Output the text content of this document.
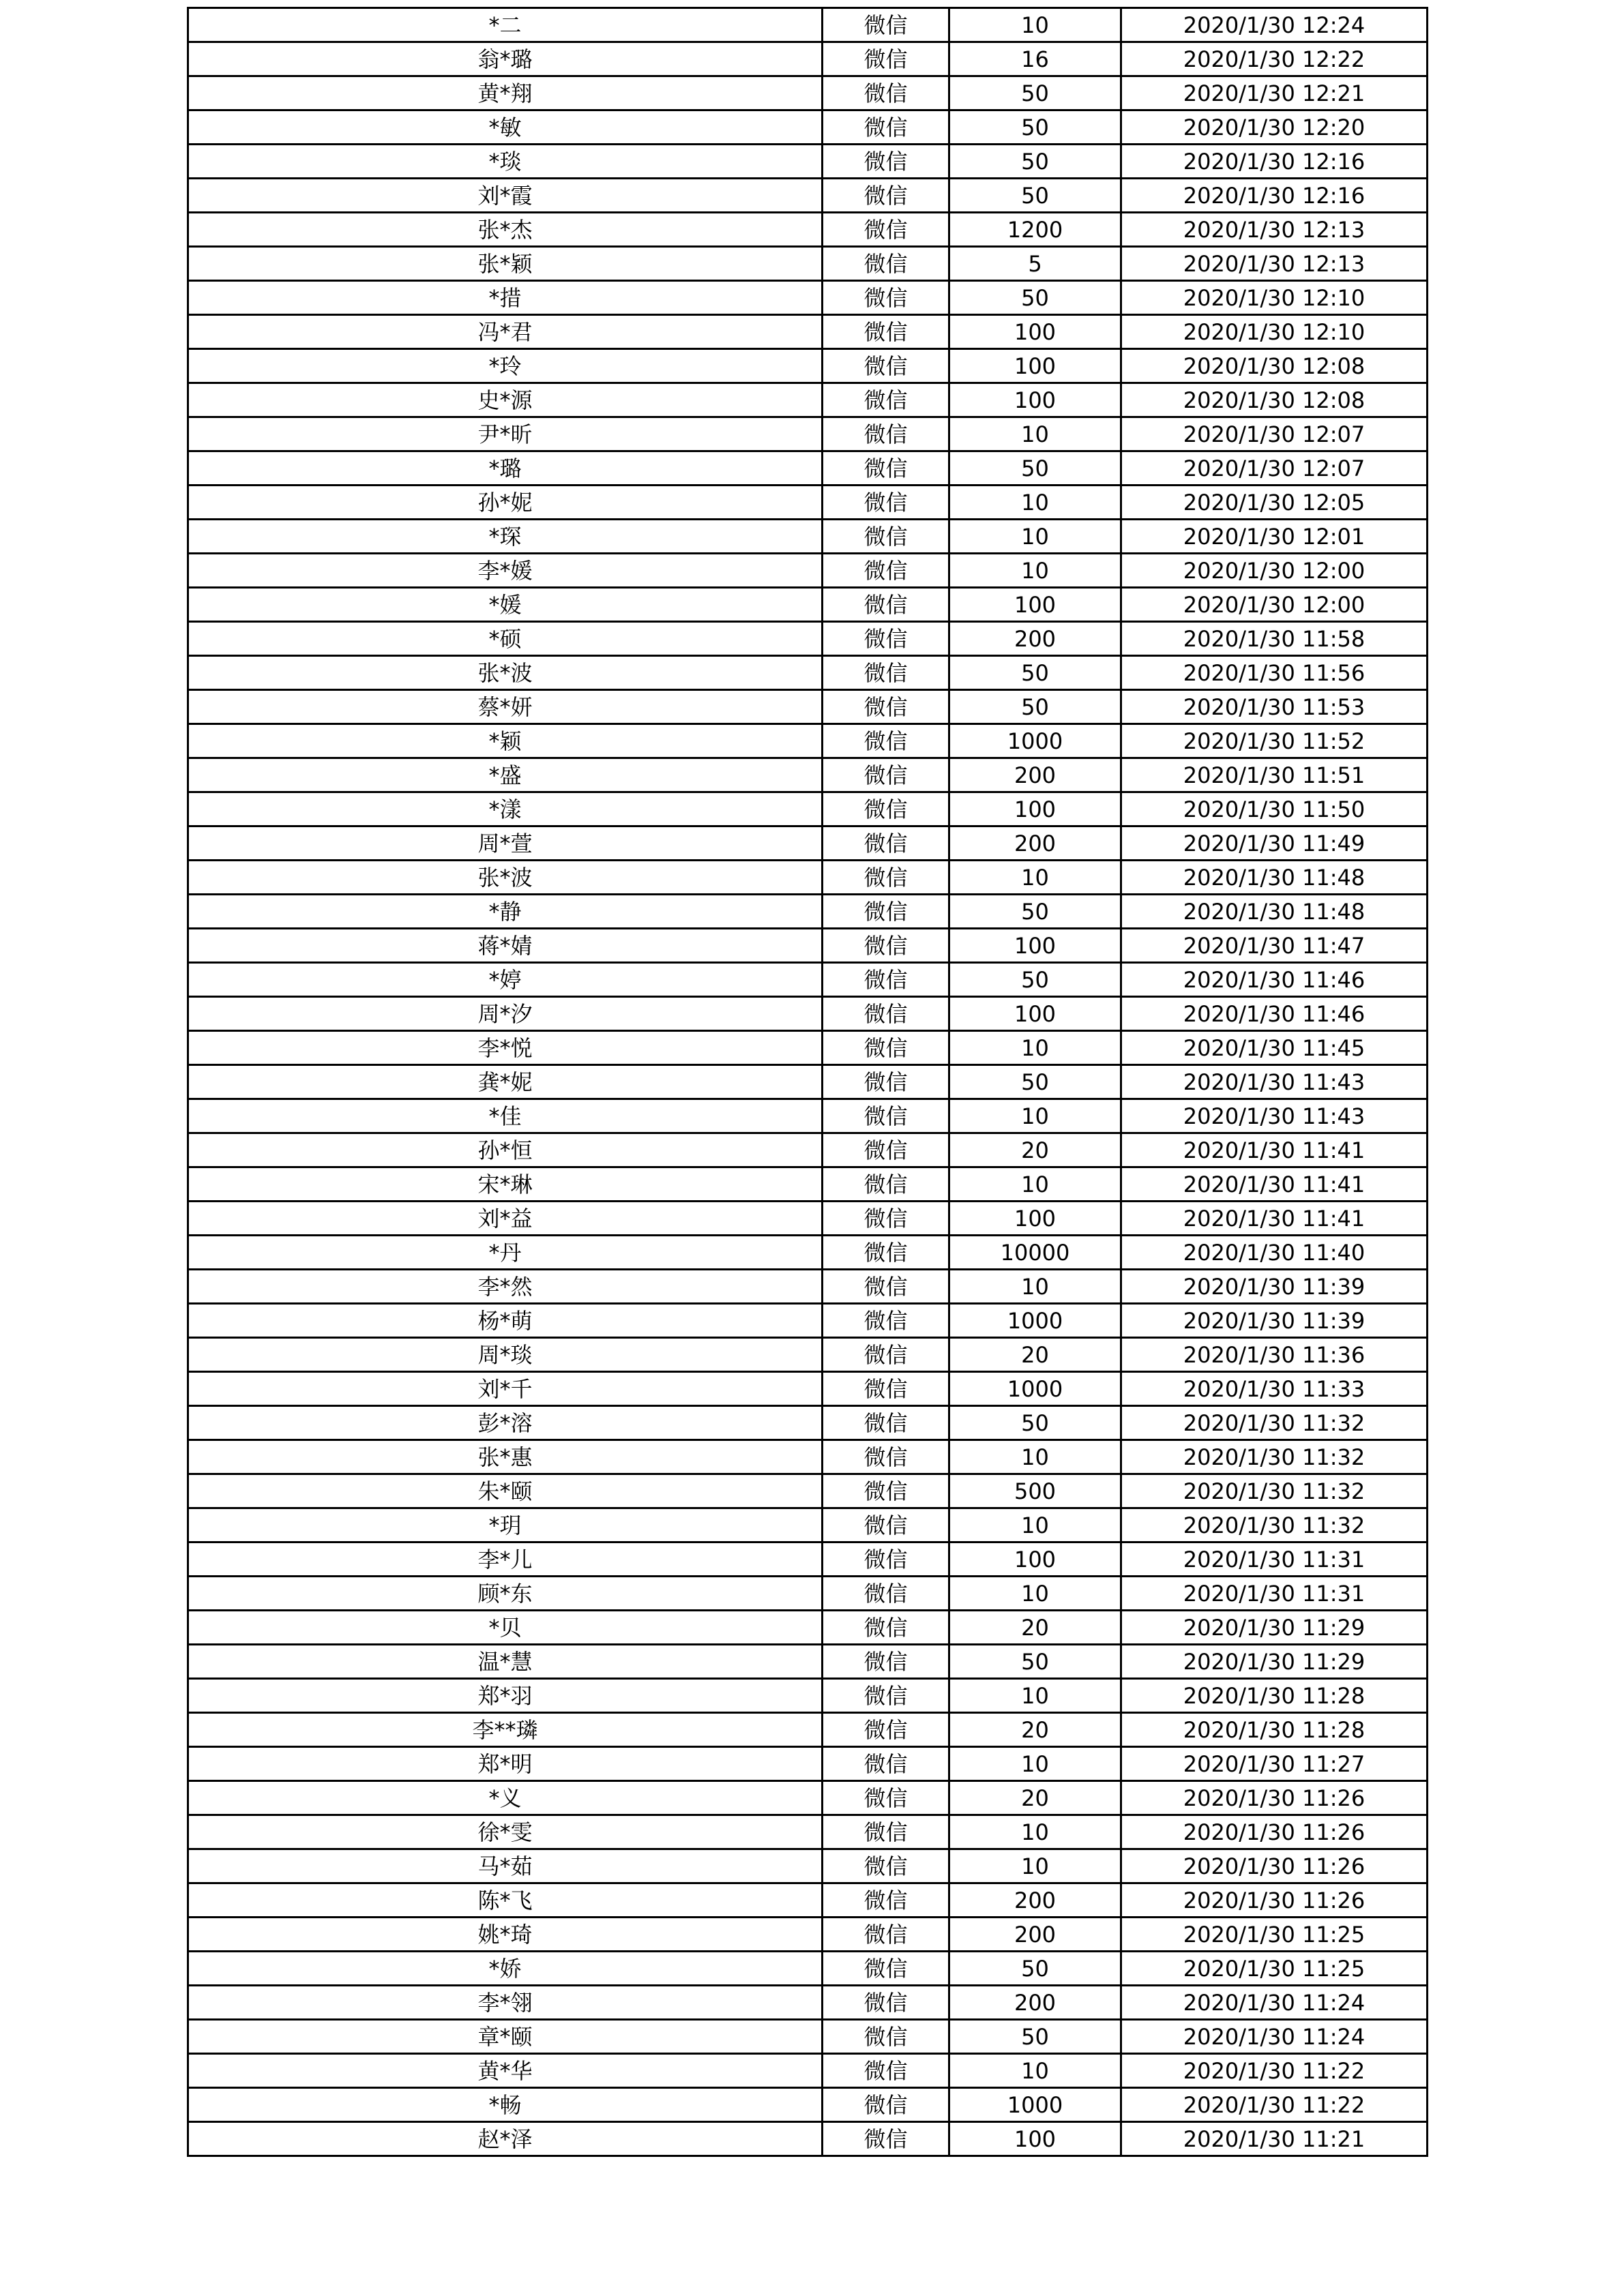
*二	微信	10	2020/1/30 12:24
翁*璐	微信	16	2020/1/30 12:22
黄*翔	微信	50	2020/1/30 12:21
*敏	微信	50	2020/1/30 12:20
*琰	微信	50	2020/1/30 12:16
刘*霞	微信	50	2020/1/30 12:16
张*杰	微信	1200	2020/1/30 12:13
张*颖	微信	5	2020/1/30 12:13
*措	微信	50	2020/1/30 12:10
冯*君	微信	100	2020/1/30 12:10
*玲	微信	100	2020/1/30 12:08
史*源	微信	100	2020/1/30 12:08
尹*昕	微信	10	2020/1/30 12:07
*璐	微信	50	2020/1/30 12:07
孙*妮	微信	10	2020/1/30 12:05
*琛	微信	10	2020/1/30 12:01
李*媛	微信	10	2020/1/30 12:00
*媛	微信	100	2020/1/30 12:00
*硕	微信	200	2020/1/30 11:58
张*波	微信	50	2020/1/30 11:56
蔡*妍	微信	50	2020/1/30 11:53
*颖	微信	1000	2020/1/30 11:52
*盛	微信	200	2020/1/30 11:51
*漾	微信	100	2020/1/30 11:50
周*萱	微信	200	2020/1/30 11:49
张*波	微信	10	2020/1/30 11:48
*静	微信	50	2020/1/30 11:48
蒋*婧	微信	100	2020/1/30 11:47
*婷	微信	50	2020/1/30 11:46
周*汐	微信	100	2020/1/30 11:46
李*悦	微信	10	2020/1/30 11:45
龚*妮	微信	50	2020/1/30 11:43
*佳	微信	10	2020/1/30 11:43
孙*恒	微信	20	2020/1/30 11:41
宋*琳	微信	10	2020/1/30 11:41
刘*益	微信	100	2020/1/30 11:41
*丹	微信	10000	2020/1/30 11:40
李*然	微信	10	2020/1/30 11:39
杨*萌	微信	1000	2020/1/30 11:39
周*琰	微信	20	2020/1/30 11:36
刘*千	微信	1000	2020/1/30 11:33
彭*溶	微信	50	2020/1/30 11:32
张*惠	微信	10	2020/1/30 11:32
朱*颐	微信	500	2020/1/30 11:32
*玥	微信	10	2020/1/30 11:32
李*儿	微信	100	2020/1/30 11:31
顾*东	微信	10	2020/1/30 11:31
*贝	微信	20	2020/1/30 11:29
温*慧	微信	50	2020/1/30 11:29
郑*羽	微信	10	2020/1/30 11:28
李**璘	微信	20	2020/1/30 11:28
郑*明	微信	10	2020/1/30 11:27
*义	微信	20	2020/1/30 11:26
徐*雯	微信	10	2020/1/30 11:26
马*茹	微信	10	2020/1/30 11:26
陈*飞	微信	200	2020/1/30 11:26
姚*琦	微信	200	2020/1/30 11:25
*娇	微信	50	2020/1/30 11:25
李*翎	微信	200	2020/1/30 11:24
章*颐	微信	50	2020/1/30 11:24
黄*华	微信	10	2020/1/30 11:22
*畅	微信	1000	2020/1/30 11:22
赵*泽	微信	100	2020/1/30 11:21
